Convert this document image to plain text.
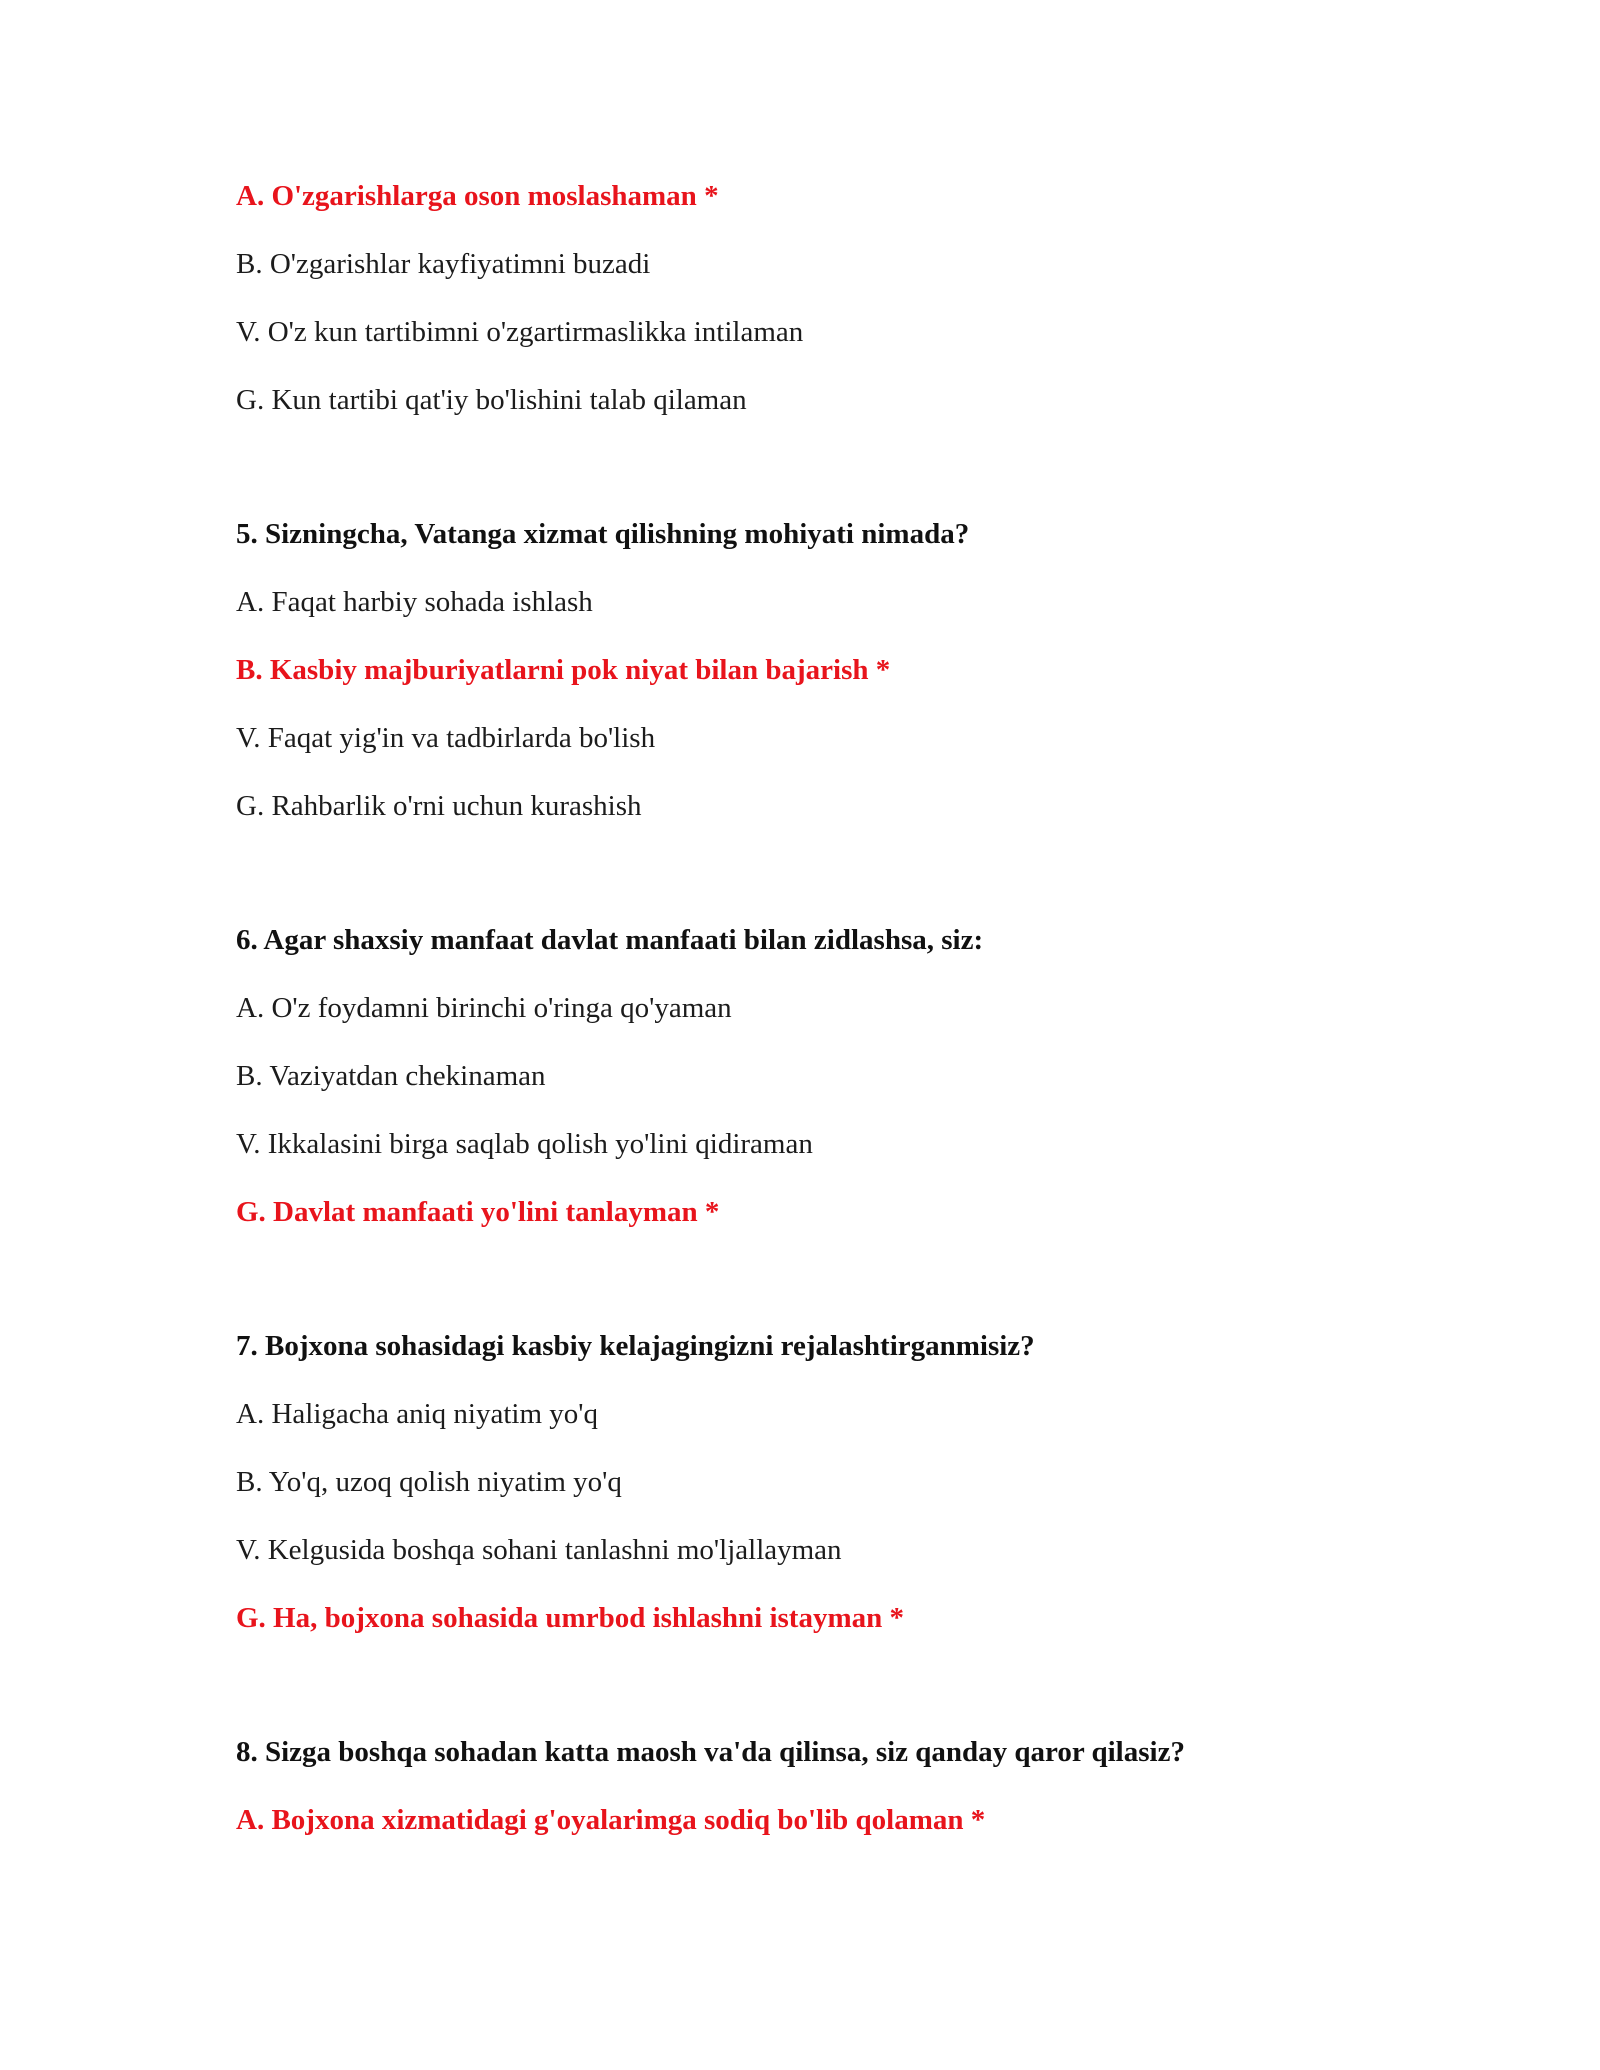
A. O'zgarishlarga oson moslashaman *
B. O'zgarishlar kayfiyatimni buzadi
V. O'z kun tartibimni o'zgartirmaslikka intilaman
G. Kun tartibi qat'iy bo'lishini talab qilaman
5. Sizningcha, Vatanga xizmat qilishning mohiyati nimada?
A. Faqat harbiy sohada ishlash
B. Kasbiy majburiyatlarni pok niyat bilan bajarish *
V. Faqat yig'in va tadbirlarda bo'lish
G. Rahbarlik o'rni uchun kurashish
6. Agar shaxsiy manfaat davlat manfaati bilan zidlashsa, siz:
A. O'z foydamni birinchi o'ringa qo'yaman
B. Vaziyatdan chekinaman
V. Ikkalasini birga saqlab qolish yo'lini qidiraman
G. Davlat manfaati yo'lini tanlayman *
7. Bojxona sohasidagi kasbiy kelajagingizni rejalashtirganmisiz?
A. Haligacha aniq niyatim yo'q
B. Yo'q, uzoq qolish niyatim yo'q
V. Kelgusida boshqa sohani tanlashni mo'ljallayman
G. Ha, bojxona sohasida umrbod ishlashni istayman *
8. Sizga boshqa sohadan katta maosh va'da qilinsa, siz qanday qaror qilasiz?
A. Bojxona xizmatidagi g'oyalarimga sodiq bo'lib qolaman *
